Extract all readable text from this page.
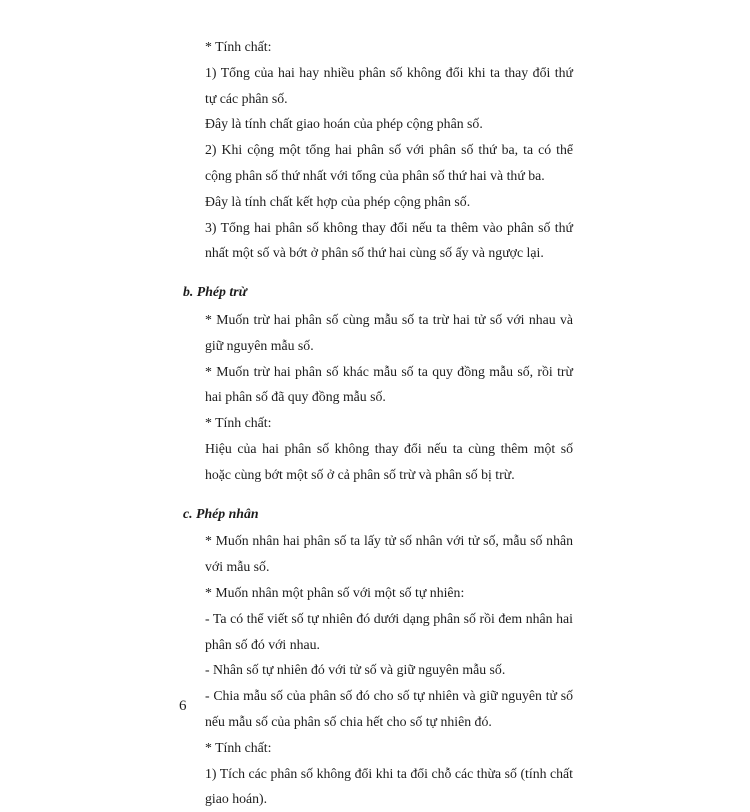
* Tính chất:

1) Tổng của hai hay nhiều phân số không đổi khi ta thay đổi thứ tự các phân số.

Đây là tính chất giao hoán của phép cộng phân số.

2) Khi cộng một tổng hai phân số với phân số thứ ba, ta có thể cộng phân số thứ nhất với tổng của phân số thứ hai và thứ ba.

Đây là tính chất kết hợp của phép cộng phân số.

3) Tổng hai phân số không thay đổi nếu ta thêm vào phân số thứ nhất một số và bớt ở phân số thứ hai cùng số ấy và ngược lại.

b. Phép trừ

* Muốn trừ hai phân số cùng mẫu số ta trừ hai tử số với nhau và giữ nguyên mẫu số.

* Muốn trừ hai phân số khác mẫu số ta quy đồng mẫu số, rồi trừ hai phân số đã quy đồng mẫu số.

* Tính chất:

Hiệu của hai phân số không thay đổi nếu ta cùng thêm một số hoặc cùng bớt một số ở cả phân số trừ và phân số bị trừ.

c. Phép nhân

* Muốn nhân hai phân số ta lấy tử số nhân với tử số, mẫu số nhân với mẫu số.

* Muốn nhân một phân số với một số tự nhiên:

- Ta có thể viết số tự nhiên đó dưới dạng phân số rồi đem nhân hai phân số đó với nhau.

- Nhân số tự nhiên đó với tử số và giữ nguyên mẫu số.

- Chia mẫu số của phân số đó cho số tự nhiên và giữ nguyên tử số nếu mẫu số của phân số chia hết cho số tự nhiên đó.

* Tính chất:

1) Tích các phân số không đổi khi ta đổi chỗ các thừa số (tính chất giao hoán).

6
